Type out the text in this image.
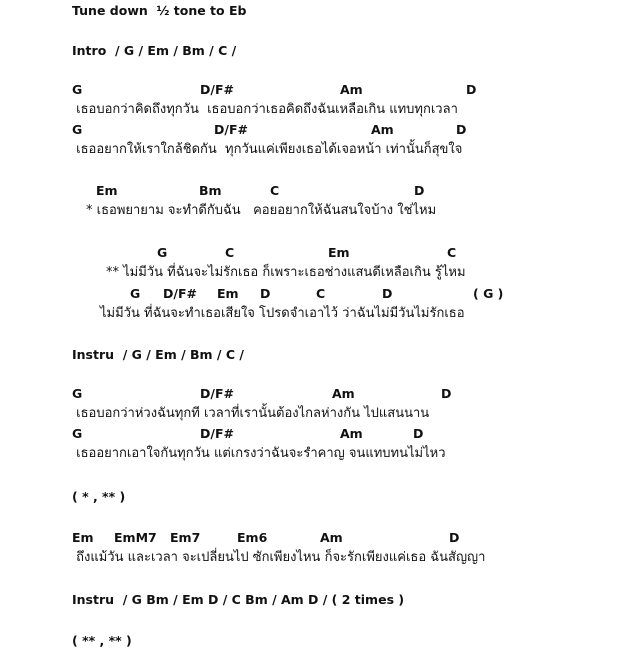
Tune down  ½ tone to Eb
Intro  / G / Em / Bm / C /
G	D/F#	Am	D
เธอบอกว่าคิดถึงทุกวัน  เธอบอกว่าเธอคิดถึงฉันเหลือเกิน แทบทุกเวลา
G	D/F#	Am	D
เธออยากให้เราใกล้ชิดกัน  ทุกวันแค่เพียงเธอได้เจอหน้า เท่านั้นก็สุขใจ
Em	Bm	C	D
* เธอพยายาม จะทำดีกับฉัน   คอยอยากให้ฉันสนใจบ้าง ใช่ไหม
G	C	Em	C
** ไม่มีวัน ที่ฉันจะไม่รักเธอ ก็เพราะเธอช่างแสนดีเหลือเกิน รู้ไหม
G D/F# Em D	C	D	( G )
ไม่มีวัน ที่ฉันจะทำเธอเสียใจ โปรดจำเอาไว้ ว่าฉันไม่มีวันไม่รักเธอ
Instru  / G / Em / Bm / C /
G	D/F#	Am	D
เธอบอกว่าห่วงฉันทุกที เวลาที่เรานั้นต้องไกลห่างกัน ไปแสนนาน
G	D/F#	Am	D
เธออยากเอาใจกันทุกวัน แต่เกรงว่าฉันจะรำคาญ จนแทบทนไม่ไหว
( * , ** )
Em EmM7 Em7	Em6	Am	D
ถึงแม้วัน และเวลา จะเปลี่ยนไป ซักเพียงไหน ก็จะรักเพียงแค่เธอ ฉันสัญญา
Instru  / G Bm / Em D / C Bm / Am D / ( 2 times )
( ** , ** )
